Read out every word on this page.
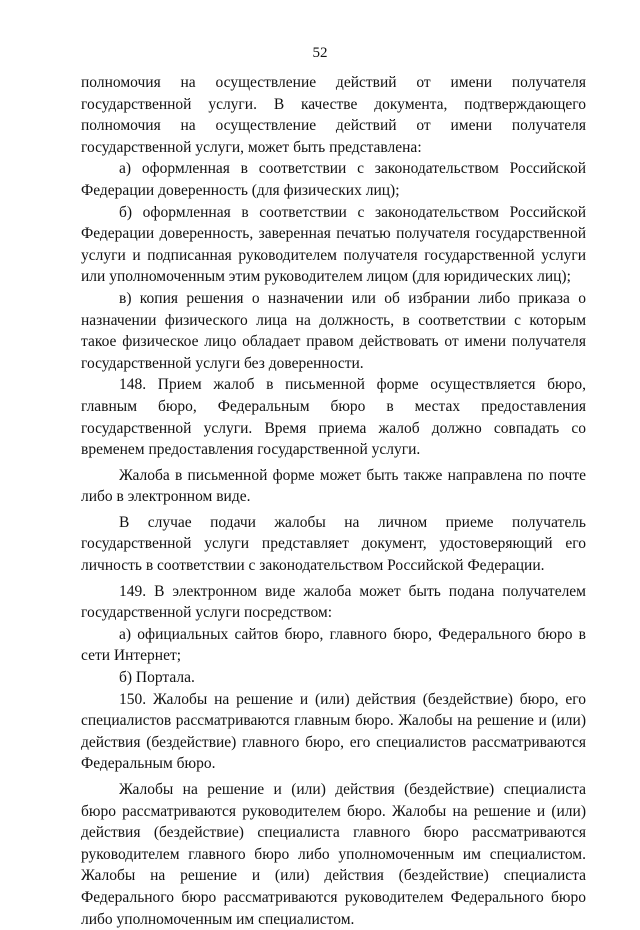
52

полномочия на осуществление действий от имени получателя государственной услуги. В качестве документа, подтверждающего полномочия на осуществление действий от имени получателя государственной услуги, может быть представлена:

а) оформленная в соответствии с законодательством Российской Федерации доверенность (для физических лиц);

б) оформленная в соответствии с законодательством Российской Федерации доверенность, заверенная печатью получателя государственной услуги и подписанная руководителем получателя государственной услуги или уполномоченным этим руководителем лицом (для юридических лиц);

в) копия решения о назначении или об избрании либо приказа о назначении физического лица на должность, в соответствии с которым такое физическое лицо обладает правом действовать от имени получателя государственной услуги без доверенности.

148. Прием жалоб в письменной форме осуществляется бюро, главным бюро, Федеральным бюро в местах предоставления государственной услуги. Время приема жалоб должно совпадать со временем предоставления государственной услуги.

Жалоба в письменной форме может быть также направлена по почте либо в электронном виде.

В случае подачи жалобы на личном приеме получатель государственной услуги представляет документ, удостоверяющий его личность в соответствии с законодательством Российской Федерации.

149. В электронном виде жалоба может быть подана получателем государственной услуги посредством:

а) официальных сайтов бюро, главного бюро, Федерального бюро в сети Интернет;

б) Портала.

150. Жалобы на решение и (или) действия (бездействие) бюро, его специалистов рассматриваются главным бюро. Жалобы на решение и (или) действия (бездействие) главного бюро, его специалистов рассматриваются Федеральным бюро.

Жалобы на решение и (или) действия (бездействие) специалиста бюро рассматриваются руководителем бюро. Жалобы на решение и (или) действия (бездействие) специалиста главного бюро рассматриваются руководителем главного бюро либо уполномоченным им специалистом. Жалобы на решение и (или) действия (бездействие) специалиста Федерального бюро рассматриваются руководителем Федерального бюро либо уполномоченным им специалистом.
